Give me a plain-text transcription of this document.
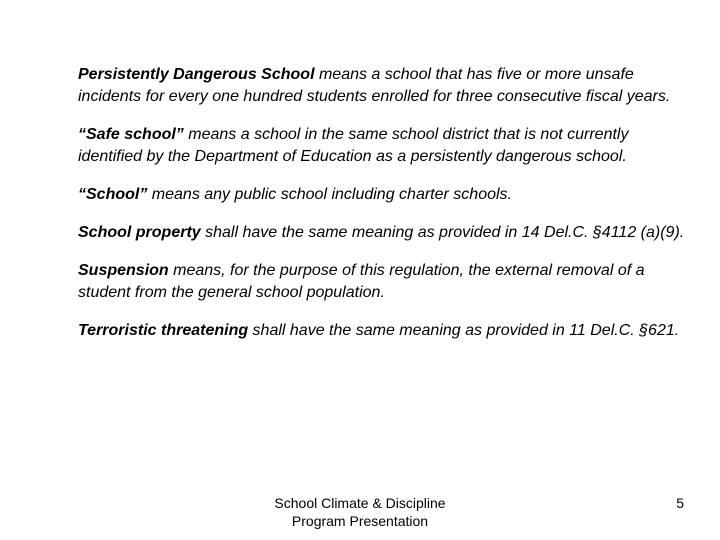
Persistently Dangerous School means a school that has five or more unsafe incidents for every one hundred students enrolled for three consecutive fiscal years.

“Safe school” means a school in the same school district that is not currently identified by the Department of Education as a persistently dangerous school.

“School” means any public school including charter schools.

School property shall have the same meaning as provided in 14 Del.C. §4112 (a)(9).

Suspension means, for the purpose of this regulation, the external removal of a student from the general school population.

Terroristic threatening shall have the same meaning as provided in 11 Del.C. §621.

School Climate & Discipline
Program Presentation
5
